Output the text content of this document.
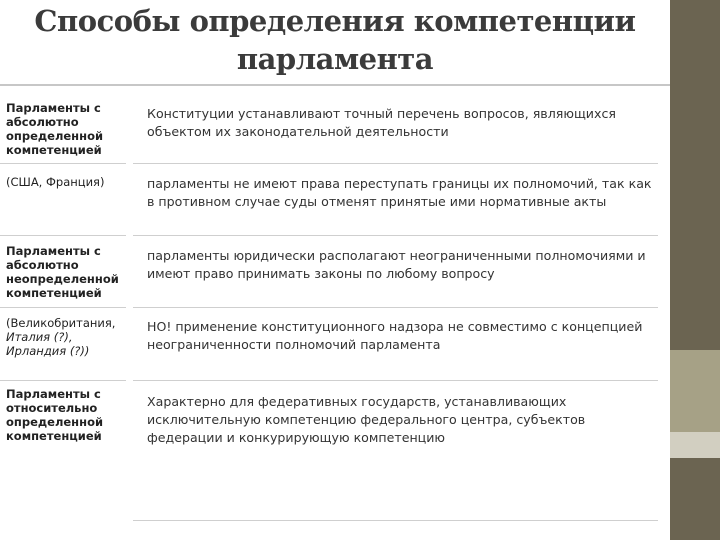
Способы определения компетенции
парламента
Парламенты с абсолютно определенной компетенцией
Конституции устанавливают точный перечень вопросов, являющихся объектом их законодательной деятельности
(США, Франция)	парламенты не имеют права переступать границы их полномочий, так как в противном случае суды отменят принятые ими нормативные акты
Парламенты с абсолютно неопределенной компетенцией
парламенты юридически располагают неограниченными полномочиями и имеют право принимать законы по любому вопросу
(Великобритания,
Италия (?),
Ирландия (?))
НО! применение конституционного надзора не совместимо с концепцией неограниченности полномочий парламента
Парламенты с относительно определенной компетенцией
Характерно для федеративных государств, устанавливающих исключительную компетенцию федерального центра, субъектов федерации и конкурирующую компетенцию
